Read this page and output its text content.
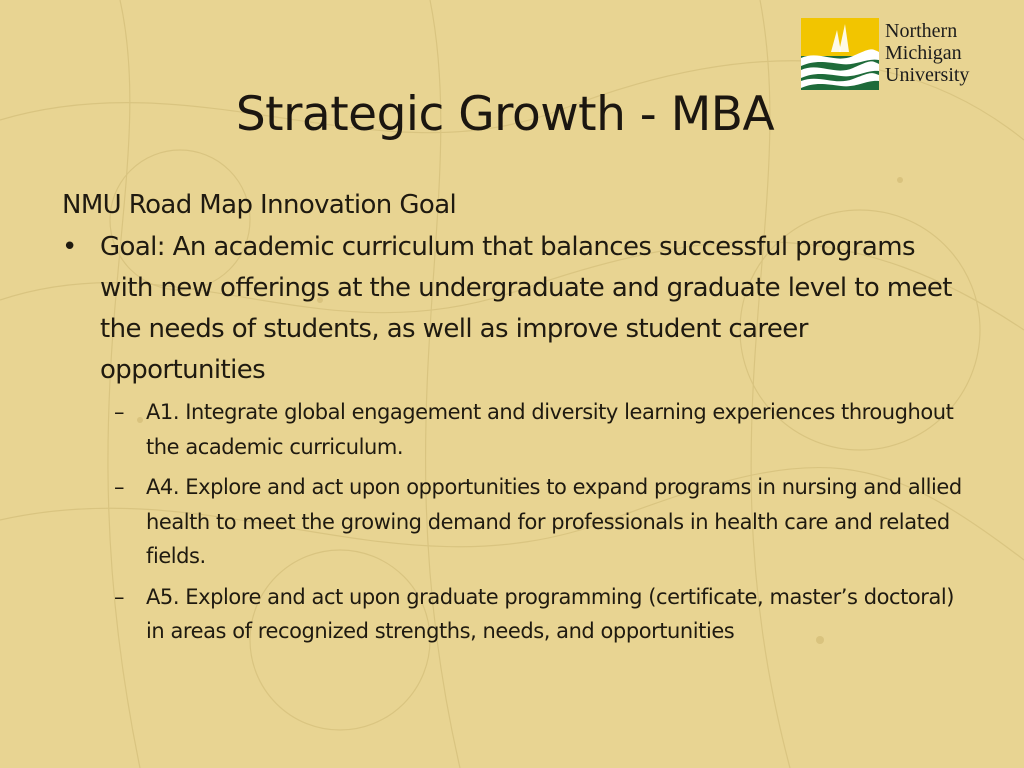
Northern
Michigan
University
Strategic Growth - MBA
NMU Road Map Innovation Goal
• Goal: An academic curriculum that balances successful programs with new offerings at the undergraduate and graduate level to meet the needs of students, as well as improve student career opportunities
– A1. Integrate global engagement and diversity learning experiences throughout the academic curriculum.
– A4. Explore and act upon opportunities to expand programs in nursing and allied health to meet the growing demand for professionals in health care and related fields.
– A5. Explore and act upon graduate programming (certificate, master’s doctoral) in areas of recognized strengths, needs, and opportunities
